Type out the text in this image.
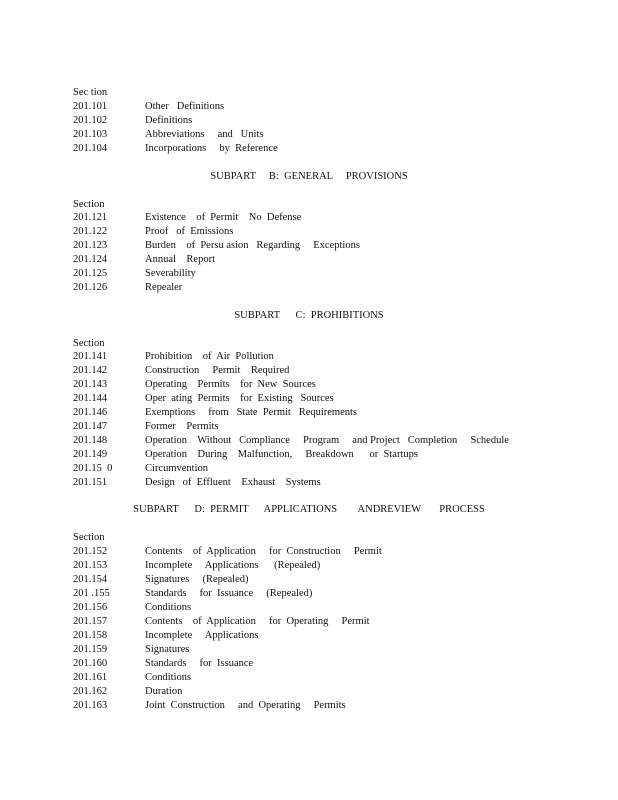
Sec tion
201.101	Other   Definitions
201.102	Definitions
201.103	Abbreviations     and   Units
201.104	Incorporations     by  Reference
SUBPART     B:  GENERAL     PROVISIONS
Section
201.121	Existence    of  Permit    No  Defense
201.122	Proof   of  Emissions
201.123	Burden    of  Persu asion   Regarding     Exceptions
201.124	Annual    Report
201.125	Severability
201.126	Repealer
SUBPART      C:  PROHIBITIONS
Section
201.141	Prohibition    of  Air  Pollution
201.142	Construction     Permit    Required
201.143	Operating    Permits    for  New  Sources
201.144	Oper  ating  Permits    for  Existing   Sources
201.146	Exemptions     from   State  Permit   Requirements
201.147	Former    Permits
201.148	Operation    Without   Compliance     Program     and Project   Completion     Schedule
201.149	Operation    During    Malfunction,     Breakdown      or  Startups
201.15  0	Circumvention
201.151	Design   of  Effluent    Exhaust    Systems
SUBPART      D:  PERMIT      APPLICATIONS        ANDREVIEW       PROCESS
Section
201.152	Contents    of  Application     for  Construction     Permit
201.153	Incomplete     Applications      (Repealed)
201.154	Signatures     (Repealed)
201 .155	Standards     for  Issuance     (Repealed)
201.156	Conditions
201.157	Contents    of  Application     for  Operating     Permit
201.158	Incomplete     Applications
201.159	Signatures
201.160	Standards     for  Issuance
201.161	Conditions
201.162	Duration
201.163	Joint  Construction     and  Operating     Permits
